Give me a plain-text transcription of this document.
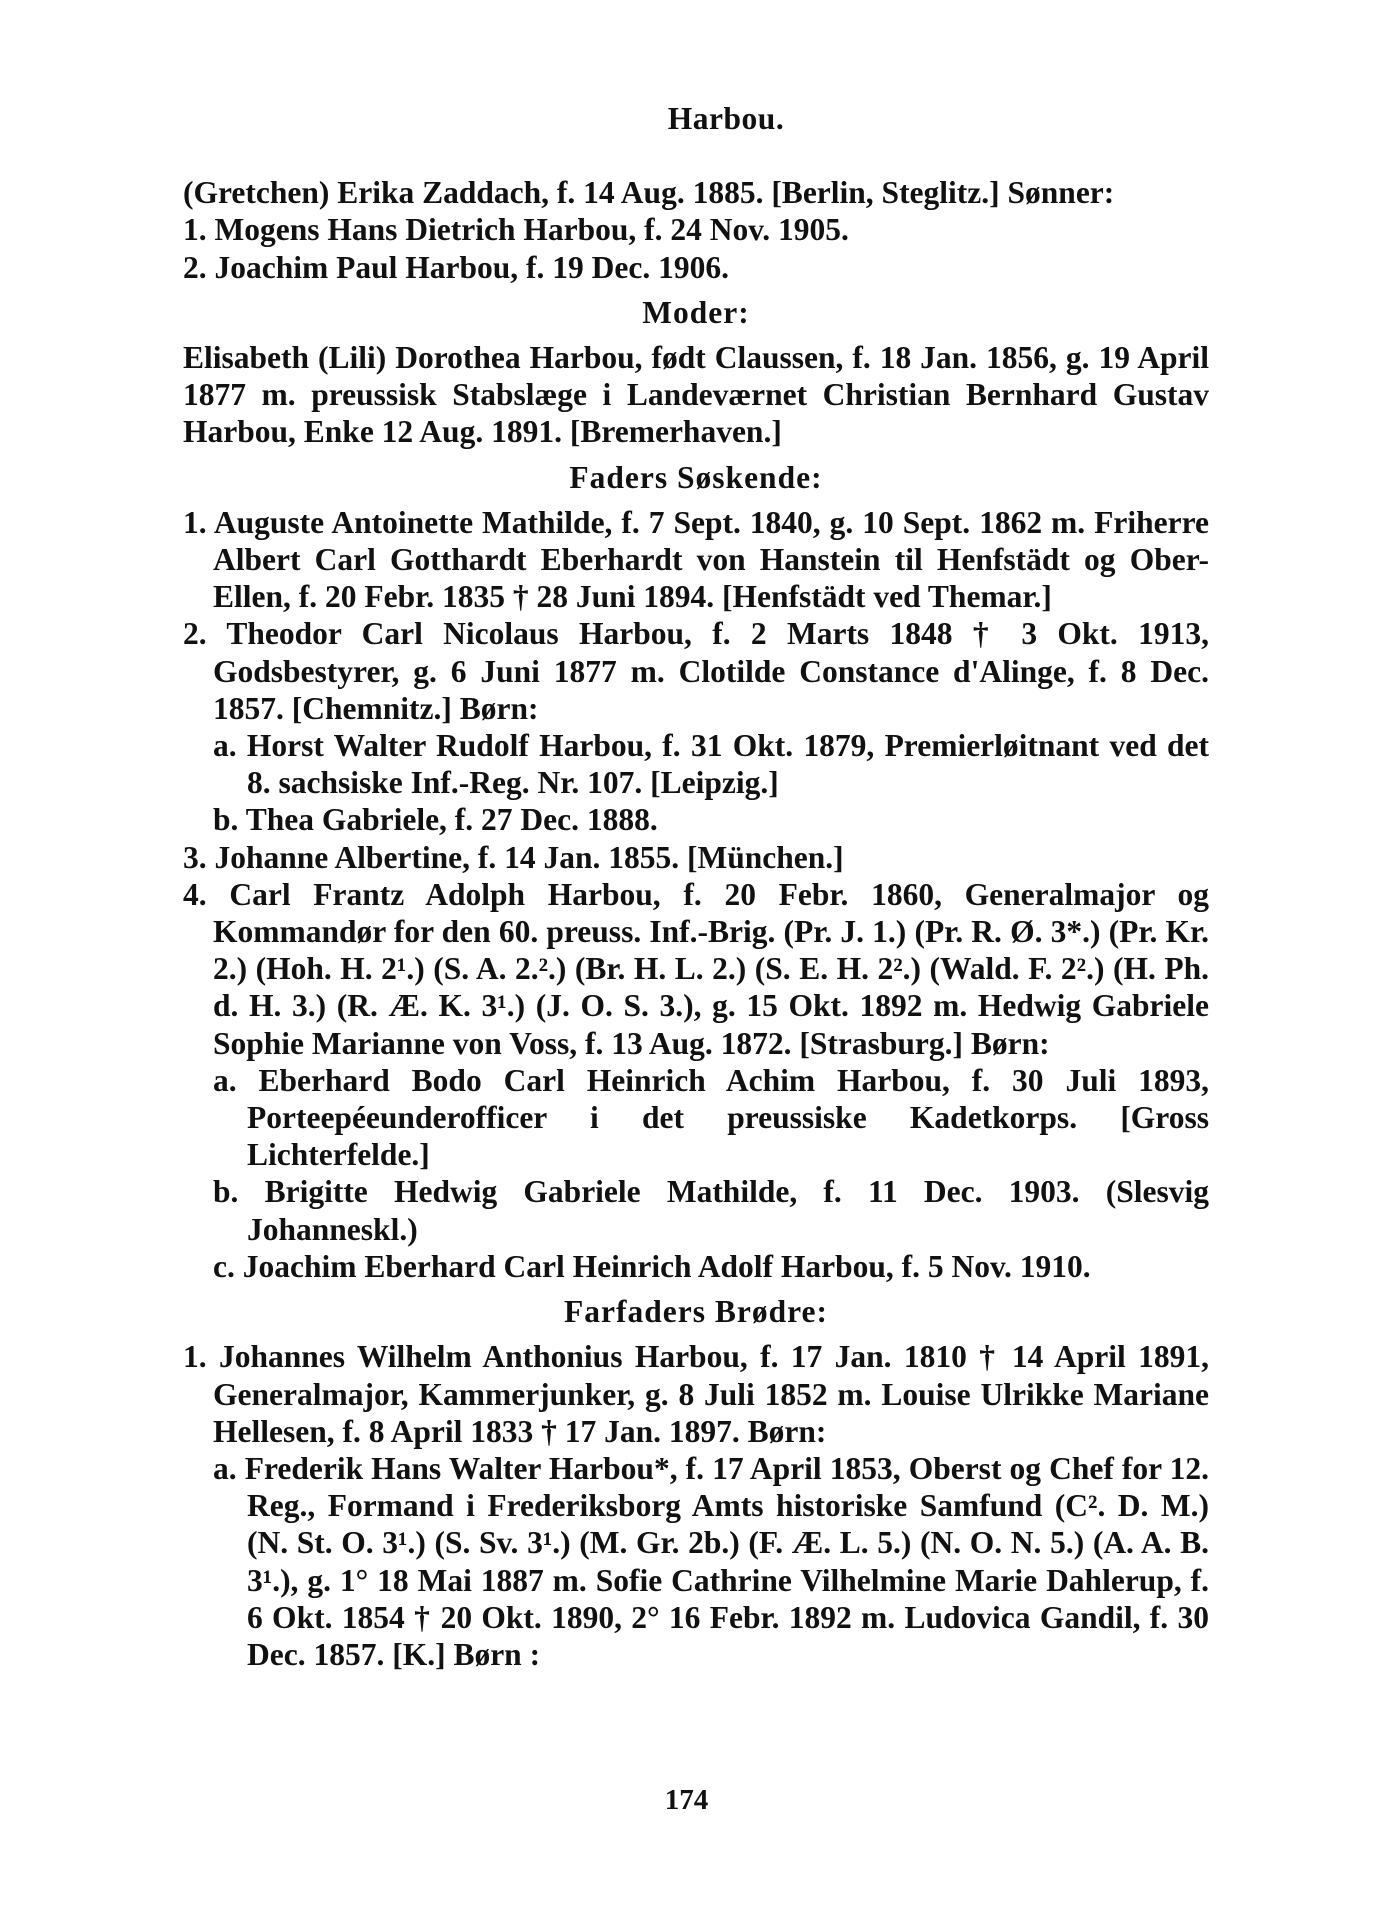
Harbou.

(Gretchen) Erika Zaddach, f. 14 Aug. 1885. [Berlin, Steglitz.] Sønner:

1. Mogens Hans Dietrich Harbou, f. 24 Nov. 1905.

2. Joachim Paul Harbou, f. 19 Dec. 1906.

Moder:

Elisabeth (Lili) Dorothea Harbou, født Claussen, f. 18 Jan. 1856, g. 19 April 1877 m. preussisk Stabslæge i Landeværnet Christian Bernhard Gustav Harbou, Enke 12 Aug. 1891. [Bremerhaven.]

Faders Søskende:

1. Auguste Antoinette Mathilde, f. 7 Sept. 1840, g. 10 Sept. 1862 m. Friherre Albert Carl Gotthardt Eberhardt von Hanstein til Henfstädt og Ober-Ellen, f. 20 Febr. 1835 † 28 Juni 1894. [Henfstädt ved Themar.]

2. Theodor Carl Nicolaus Harbou, f. 2 Marts 1848 † 3 Okt. 1913, Godsbestyrer, g. 6 Juni 1877 m. Clotilde Constance d'Alinge, f. 8 Dec. 1857. [Chemnitz.] Børn:

a. Horst Walter Rudolf Harbou, f. 31 Okt. 1879, Premierløitnant ved det 8. sachsiske Inf.-Reg. Nr. 107. [Leipzig.]

b. Thea Gabriele, f. 27 Dec. 1888.

3. Johanne Albertine, f. 14 Jan. 1855. [München.]

4. Carl Frantz Adolph Harbou, f. 20 Febr. 1860, Generalmajor og Kommandør for den 60. preuss. Inf.-Brig. (Pr. J. 1.) (Pr. R. Ø. 3*.) (Pr. Kr. 2.) (Hoh. H. 2¹.) (S. A. 2.².) (Br. H. L. 2.) (S. E. H. 2².) (Wald. F. 2².) (H. Ph. d. H. 3.) (R. Æ. K. 3¹.) (J. O. S. 3.), g. 15 Okt. 1892 m. Hedwig Gabriele Sophie Marianne von Voss, f. 13 Aug. 1872. [Strasburg.] Børn:

a. Eberhard Bodo Carl Heinrich Achim Harbou, f. 30 Juli 1893, Porteepéeunderofficer i det preussiske Kadetkorps. [Gross Lichterfelde.]

b. Brigitte Hedwig Gabriele Mathilde, f. 11 Dec. 1903. (Slesvig Johanneskl.)

c. Joachim Eberhard Carl Heinrich Adolf Harbou, f. 5 Nov. 1910.

Farfaders Brødre:

1. Johannes Wilhelm Anthonius Harbou, f. 17 Jan. 1810 † 14 April 1891, Generalmajor, Kammerjunker, g. 8 Juli 1852 m. Louise Ulrikke Mariane Hellesen, f. 8 April 1833 † 17 Jan. 1897. Børn:

a. Frederik Hans Walter Harbou*, f. 17 April 1853, Oberst og Chef for 12. Reg., Formand i Frederiksborg Amts historiske Samfund (C². D. M.) (N. St. O. 3¹.) (S. Sv. 3¹.) (M. Gr. 2b.) (F. Æ. L. 5.) (N. O. N. 5.) (A. A. B. 3¹.), g. 1° 18 Mai 1887 m. Sofie Cathrine Vilhelmine Marie Dahlerup, f. 6 Okt. 1854 † 20 Okt. 1890, 2° 16 Febr. 1892 m. Ludovica Gandil, f. 30 Dec. 1857. [K.] Børn :

174
